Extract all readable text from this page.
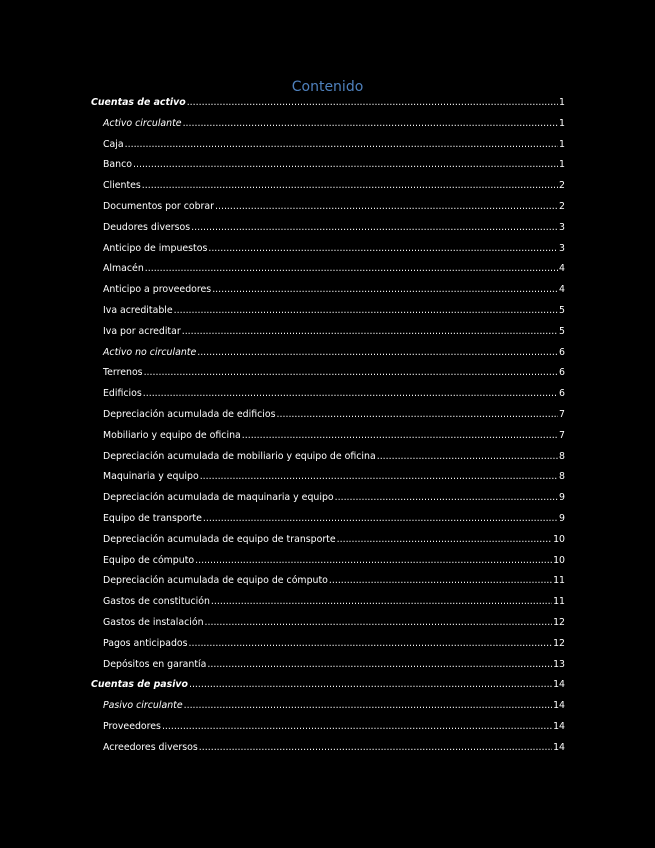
Contenido
Cuentas de activo .....	1
Activo circulante .....	1
Caja .....	1
Banco .....	1
Clientes .....	2
Documentos por cobrar .....	2
Deudores diversos .....	3
Anticipo de impuestos .....	3
Almacén .....	4
Anticipo a proveedores .....	4
Iva acreditable .....	5
Iva por acreditar .....	5
Activo no circulante .....	6
Terrenos .....	6
Edificios .....	6
Depreciación acumulada de edificios .....	7
Mobiliario y equipo de oficina .....	7
Depreciación acumulada de mobiliario y equipo de oficina .....	8
Maquinaria y equipo .....	8
Depreciación acumulada de maquinaria y equipo .....	9
Equipo de transporte .....	9
Depreciación acumulada de equipo de transporte .....	10
Equipo de cómputo .....	10
Depreciación acumulada de equipo de cómputo .....	11
Gastos de constitución .....	11
Gastos de instalación .....	12
Pagos anticipados .....	12
Depósitos en garantía .....	13
Cuentas de pasivo .....	14
Pasivo circulante .....	14
Proveedores .....	14
Acreedores diversos .....	14
